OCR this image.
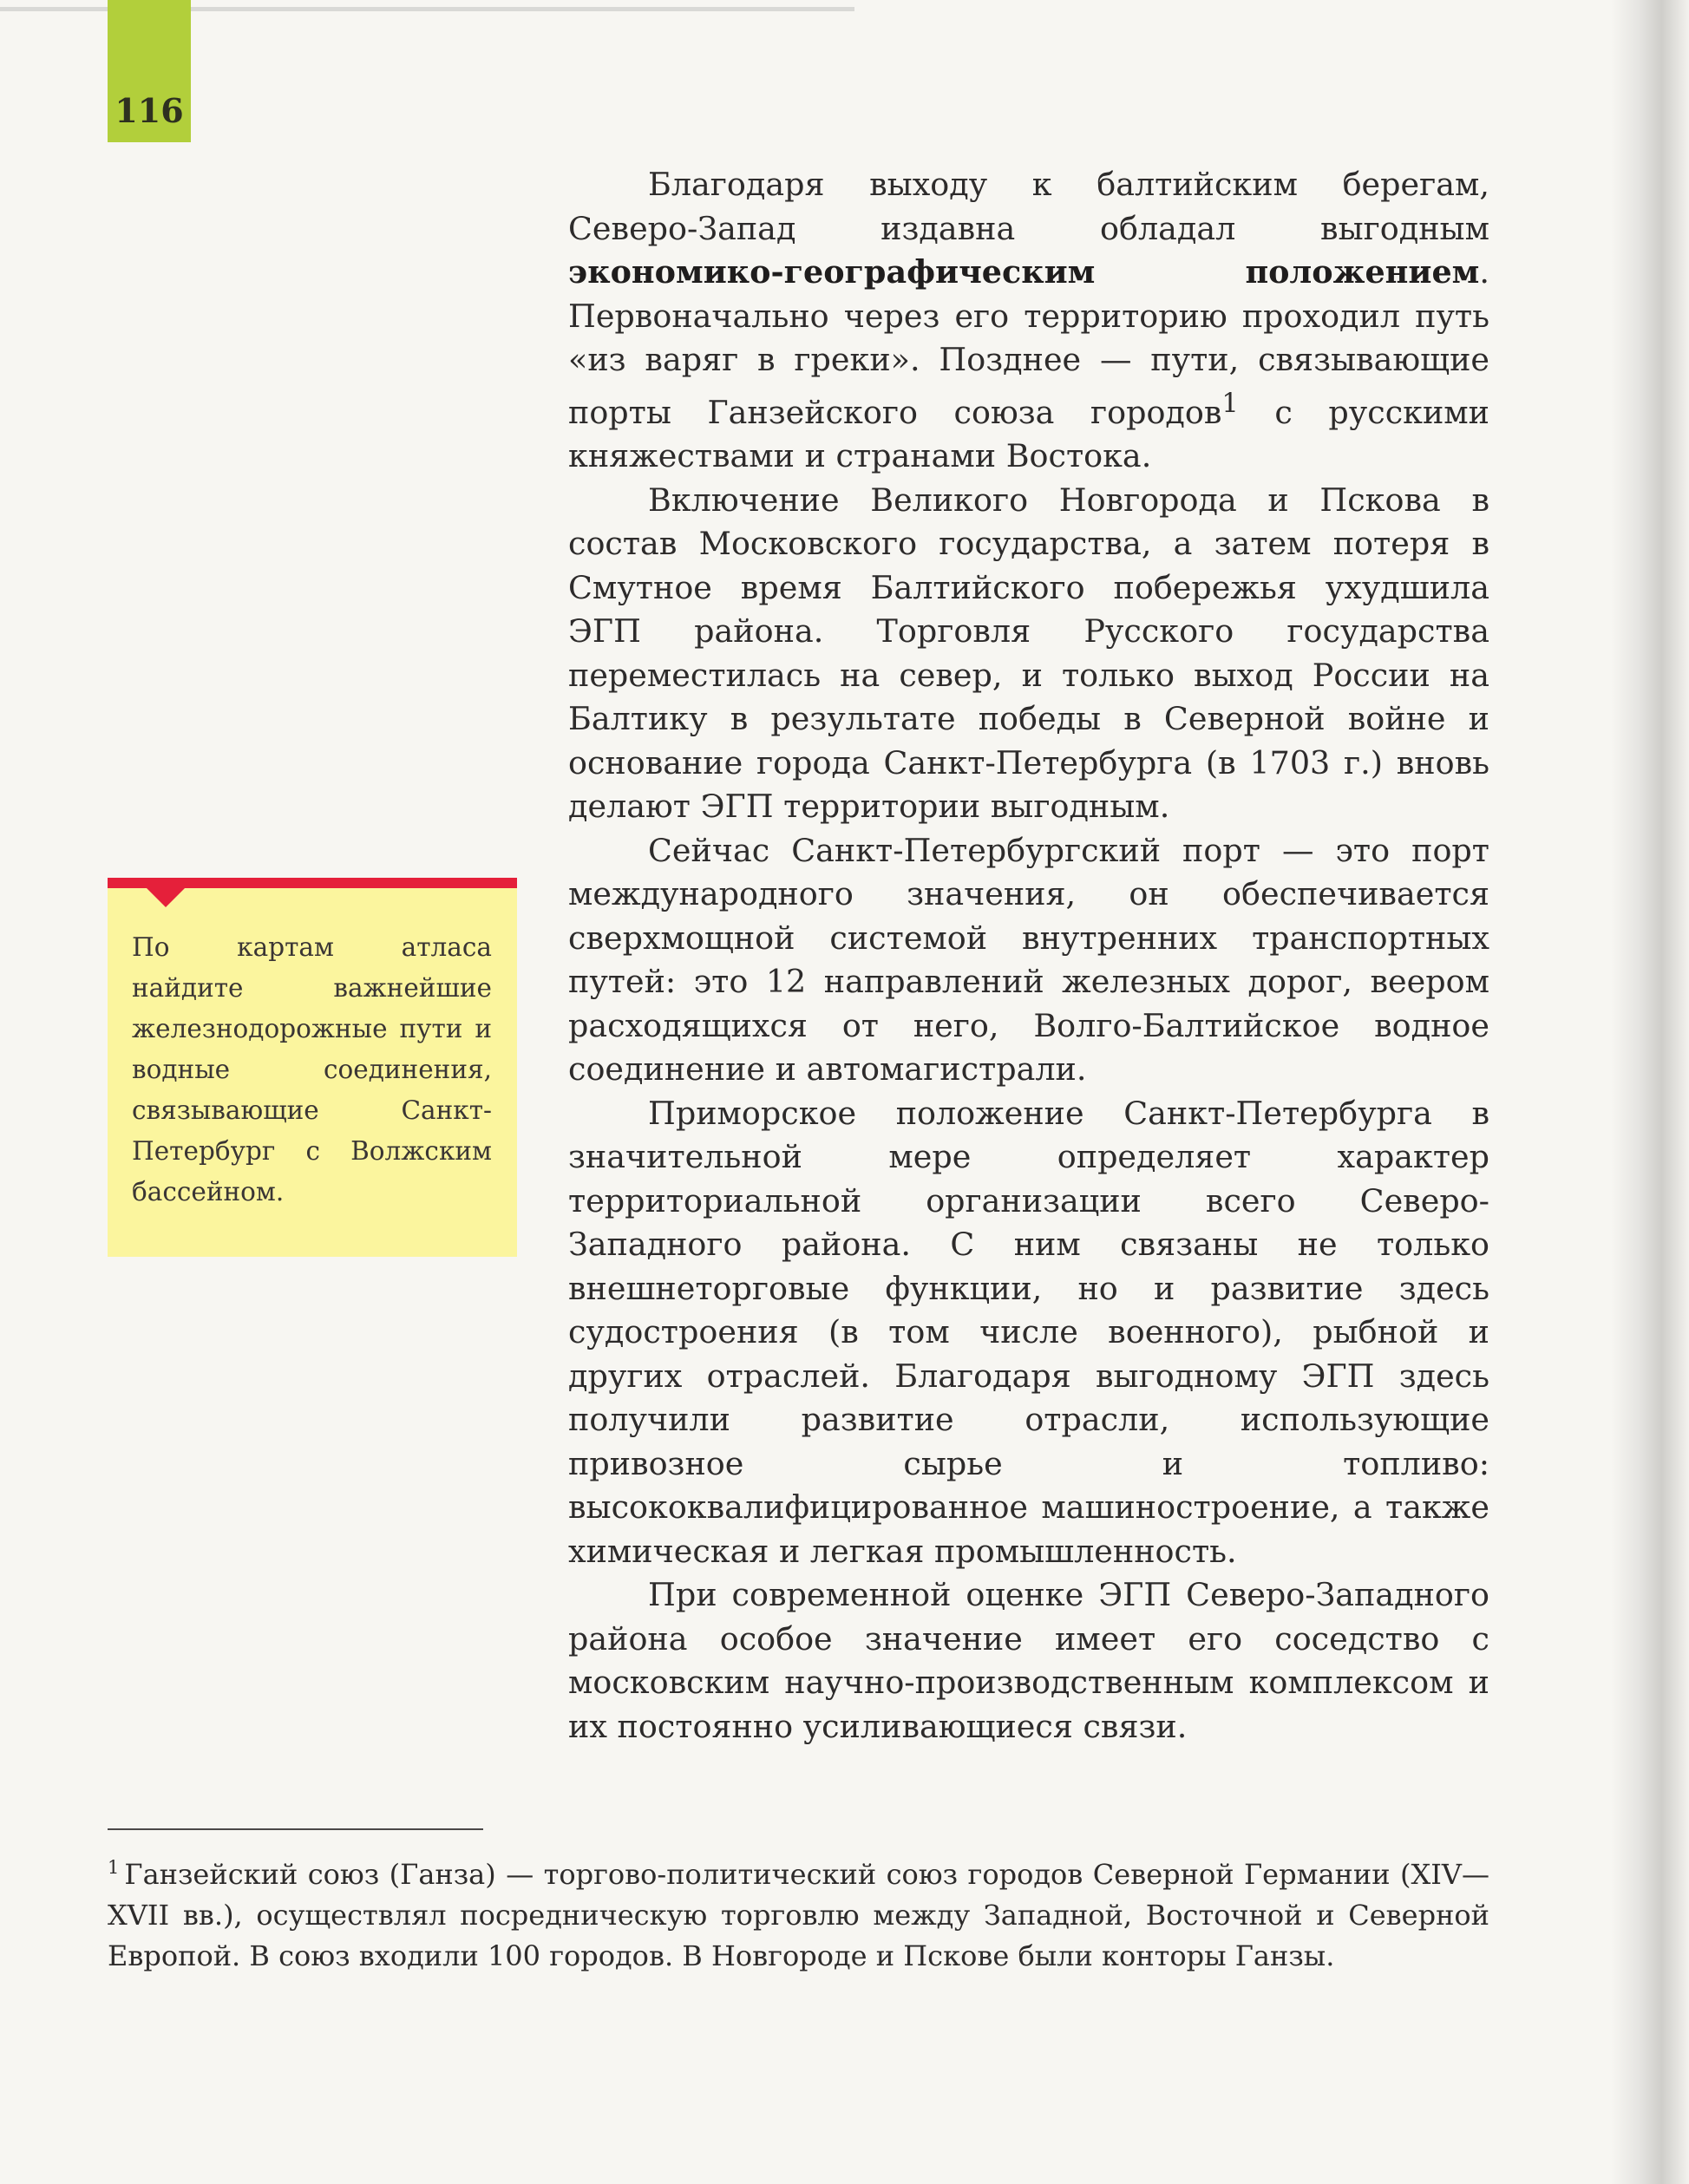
116

Благодаря выходу к балтийским берегам, Северо-Запад издавна обладал выгодным экономико-географическим положением. Первоначально через его территорию проходил путь «из варяг в греки». Позднее — пути, связывающие порты Ганзейского союза городов$^1$ с русскими княжествами и странами Востока.

Включение Великого Новгорода и Пскова в состав Московского государства, а затем потеря в Смутное время Балтийского побережья ухудшила ЭГП района. Торговля Русского государства переместилась на север, и только выход России на Балтику в результате победы в Северной войне и основание города Санкт-Петербурга (в 1703 г.) вновь делают ЭГП территории выгодным.

Сейчас Санкт-Петербургский порт — это порт международного значения, он обеспечивается сверхмощной системой внутренних транспортных путей: это 12 направлений железных дорог, веером расходящихся от него, Волго-Балтийское водное соединение и автомагистрали.

Приморское положение Санкт-Петербурга в значительной мере определяет характер территориальной организации всего Северо-Западного района. С ним связаны не только внешнеторговые функции, но и развитие здесь судостроения (в том числе военного), рыбной и других отраслей. Благодаря выгодному ЭГП здесь получили развитие отрасли, использующие привозное сырье и топливо: высококвалифицированное машиностроение, а также химическая и легкая промышленность.

При современной оценке ЭГП Северо-Западного района особое значение имеет его соседство с московским научно-производственным комплексом и их постоянно усиливающиеся связи.

По картам атласа найдите важнейшие железнодорожные пути и водные соединения, связывающие Санкт-Петербург с Волжским бассейном.

$^1$ Ганзейский союз (Ганза) — торгово-политический союз городов Северной Германии (XIV—XVII вв.), осуществлял посредническую торговлю между Западной, Восточной и Северной Европой. В союз входили 100 городов. В Новгороде и Пскове были конторы Ганзы.
